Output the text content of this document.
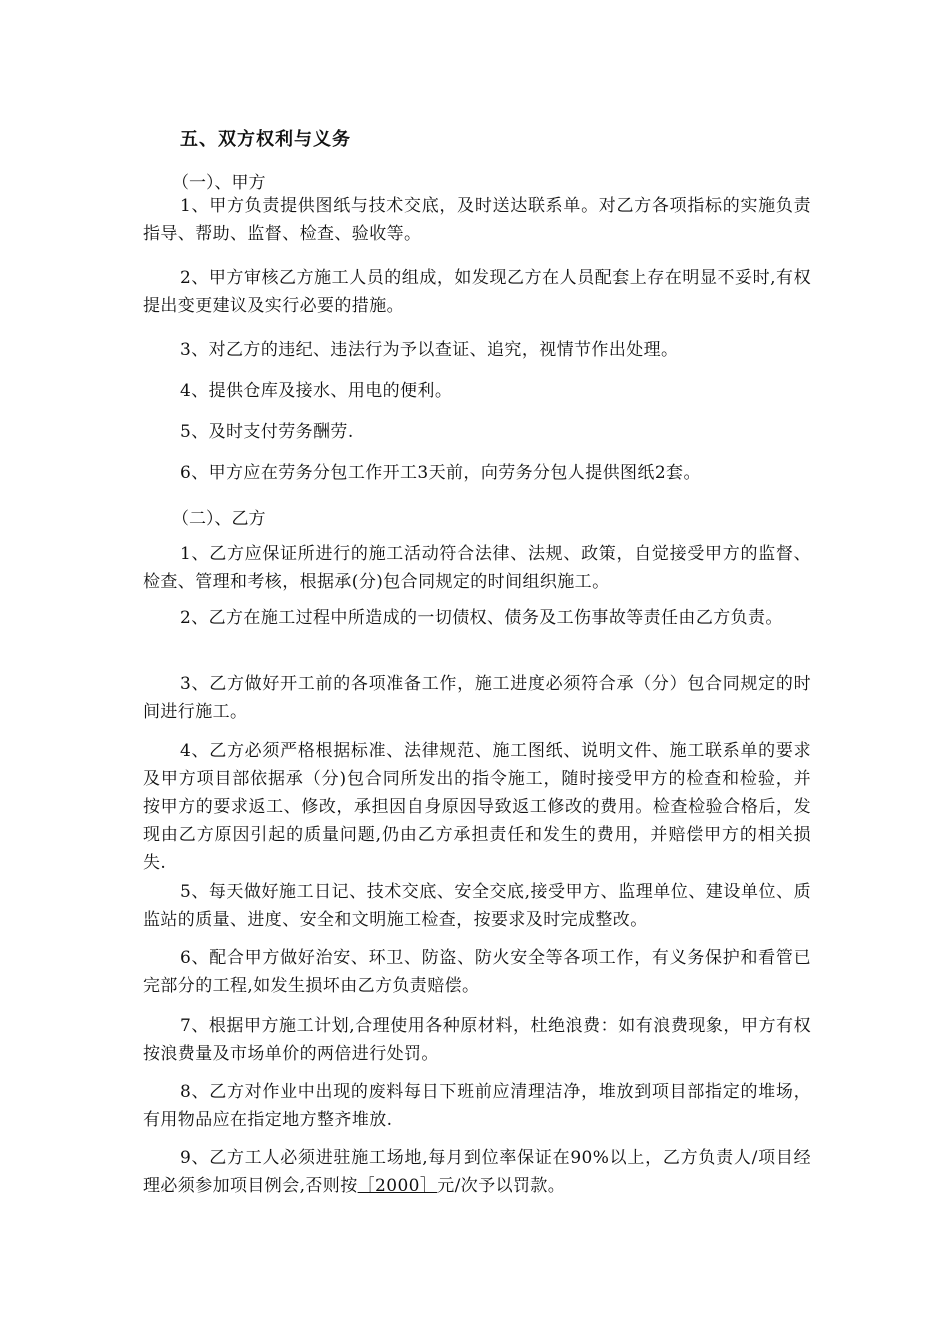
五、双方权利与义务
（一）、甲方

1、甲方负责提供图纸与技术交底，及时送达联系单。对乙方各项指标的实施负责指导、帮助、监督、检查、验收等。

2、甲方审核乙方施工人员的组成，如发现乙方在人员配套上存在明显不妥时,有权提出变更建议及实行必要的措施。

3、对乙方的违纪、违法行为予以查证、追究，视情节作出处理。

4、提供仓库及接水、用电的便利。

5、及时支付劳务酬劳.

6、甲方应在劳务分包工作开工3天前，向劳务分包人提供图纸2套。

（二）、乙方

1、乙方应保证所进行的施工活动符合法律、法规、政策，自觉接受甲方的监督、检查、管理和考核，根据承(分)包合同规定的时间组织施工。

2、乙方在施工过程中所造成的一切债权、债务及工伤事故等责任由乙方负责。

3、乙方做好开工前的各项准备工作，施工进度必须符合承（分）包合同规定的时间进行施工。

4、乙方必须严格根据标准、法律规范、施工图纸、说明文件、施工联系单的要求及甲方项目部依据承（分)包合同所发出的指令施工，随时接受甲方的检查和检验，并按甲方的要求返工、修改，承担因自身原因导致返工修改的费用。检查检验合格后，发现由乙方原因引起的质量问题,仍由乙方承担责任和发生的费用，并赔偿甲方的相关损失.

5、每天做好施工日记、技术交底、安全交底,接受甲方、监理单位、建设单位、质监站的质量、进度、安全和文明施工检查，按要求及时完成整改。

6、配合甲方做好治安、环卫、防盗、防火安全等各项工作，有义务保护和看管已完部分的工程,如发生损坏由乙方负责赔偿。

7、根据甲方施工计划,合理使用各种原材料，杜绝浪费：如有浪费现象，甲方有权按浪费量及市场单价的两倍进行处罚。

8、乙方对作业中出现的废料每日下班前应清理洁净，堆放到项目部指定的堆场，有用物品应在指定地方整齐堆放.

9、乙方工人必须进驻施工场地,每月到位率保证在90%以上，乙方负责人/项目经理必须参加项目例会,否则按［2000］元/次予以罚款。
